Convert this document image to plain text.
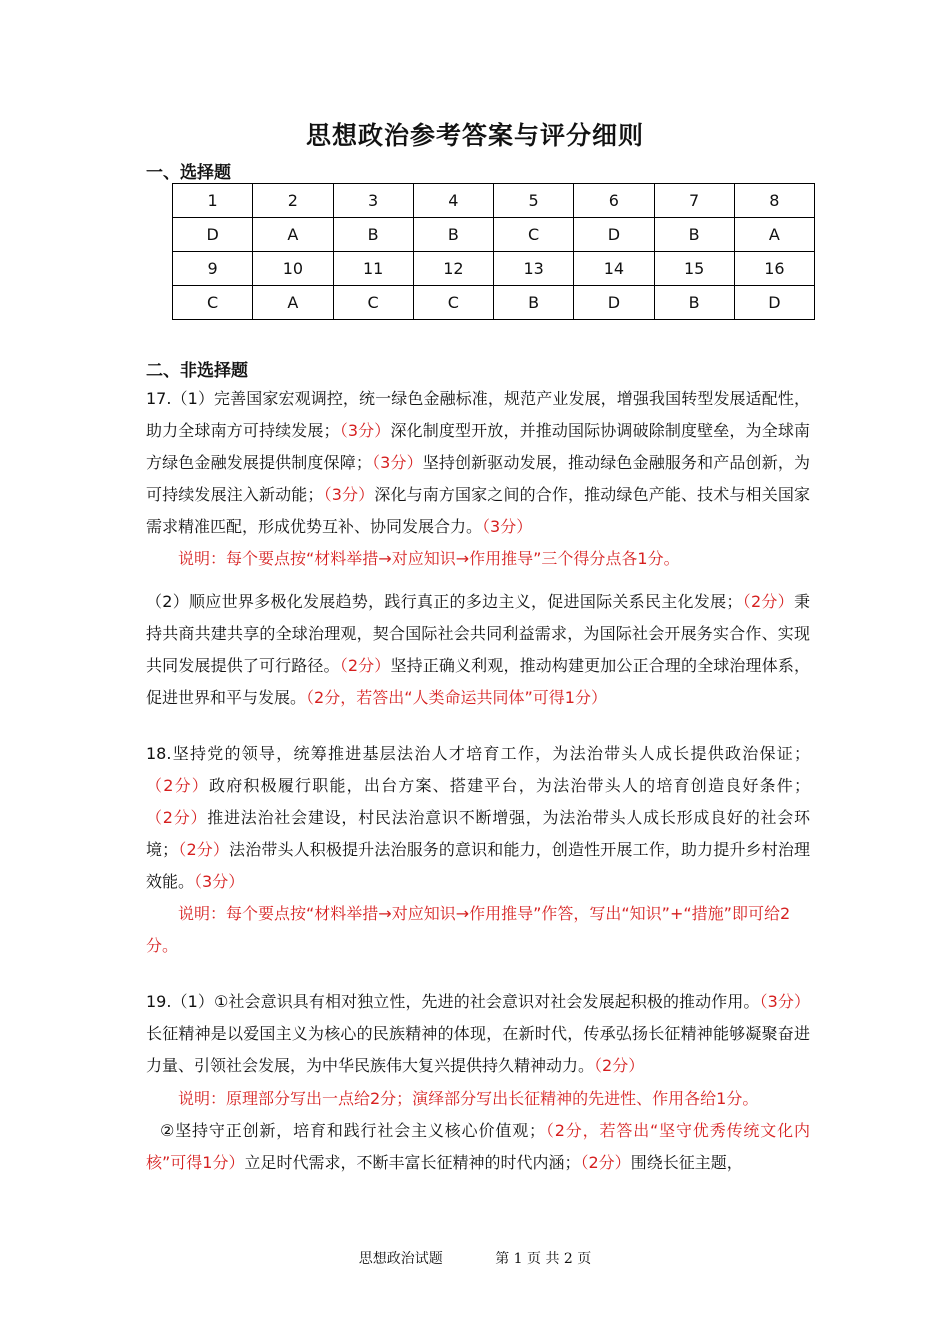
思想政治参考答案与评分细则
一、选择题
1	2	3	4	5	6	7	8
D	A	B	B	C	D	B	A
9	10	11	12	13	14	15	16
C	A	C	C	B	D	B	D
二、非选择题
17.（1）完善国家宏观调控，统一绿色金融标准，规范产业发展，增强我国转型发展适配性，助力全球南方可持续发展；（3分）深化制度型开放，并推动国际协调破除制度壁垒，为全球南方绿色金融发展提供制度保障；（3分）坚持创新驱动发展，推动绿色金融服务和产品创新，为可持续发展注入新动能；（3分）深化与南方国家之间的合作，推动绿色产能、技术与相关国家需求精准匹配，形成优势互补、协同发展合力。（3分）
说明：每个要点按“材料举措→对应知识→作用推导”三个得分点各1分。
（2）顺应世界多极化发展趋势，践行真正的多边主义，促进国际关系民主化发展；（2分）秉持共商共建共享的全球治理观，契合国际社会共同利益需求，为国际社会开展务实合作、实现共同发展提供了可行路径。（2分）坚持正确义利观，推动构建更加公正合理的全球治理体系，促进世界和平与发展。（2分，若答出“人类命运共同体”可得1分）
18.坚持党的领导，统筹推进基层法治人才培育工作，为法治带头人成长提供政治保证；（2分）政府积极履行职能，出台方案、搭建平台，为法治带头人的培育创造良好条件；（2分）推进法治社会建设，村民法治意识不断增强，为法治带头人成长形成良好的社会环境；（2分）法治带头人积极提升法治服务的意识和能力，创造性开展工作，助力提升乡村治理效能。（3分）
说明：每个要点按“材料举措→对应知识→作用推导”作答，写出“知识”+“措施”即可给2分。
19.（1）①社会意识具有相对独立性，先进的社会意识对社会发展起积极的推动作用。（3分）长征精神是以爱国主义为核心的民族精神的体现，在新时代，传承弘扬长征精神能够凝聚奋进力量、引领社会发展，为中华民族伟大复兴提供持久精神动力。（2分）
说明：原理部分写出一点给2分；演绎部分写出长征精神的先进性、作用各给1分。
②坚持守正创新，培育和践行社会主义核心价值观；（2分，若答出“坚守优秀传统文化内核”可得1分）立足时代需求，不断丰富长征精神的时代内涵；（2分）围绕长征主题，
思想政治试题	第 1 页 共 2 页
